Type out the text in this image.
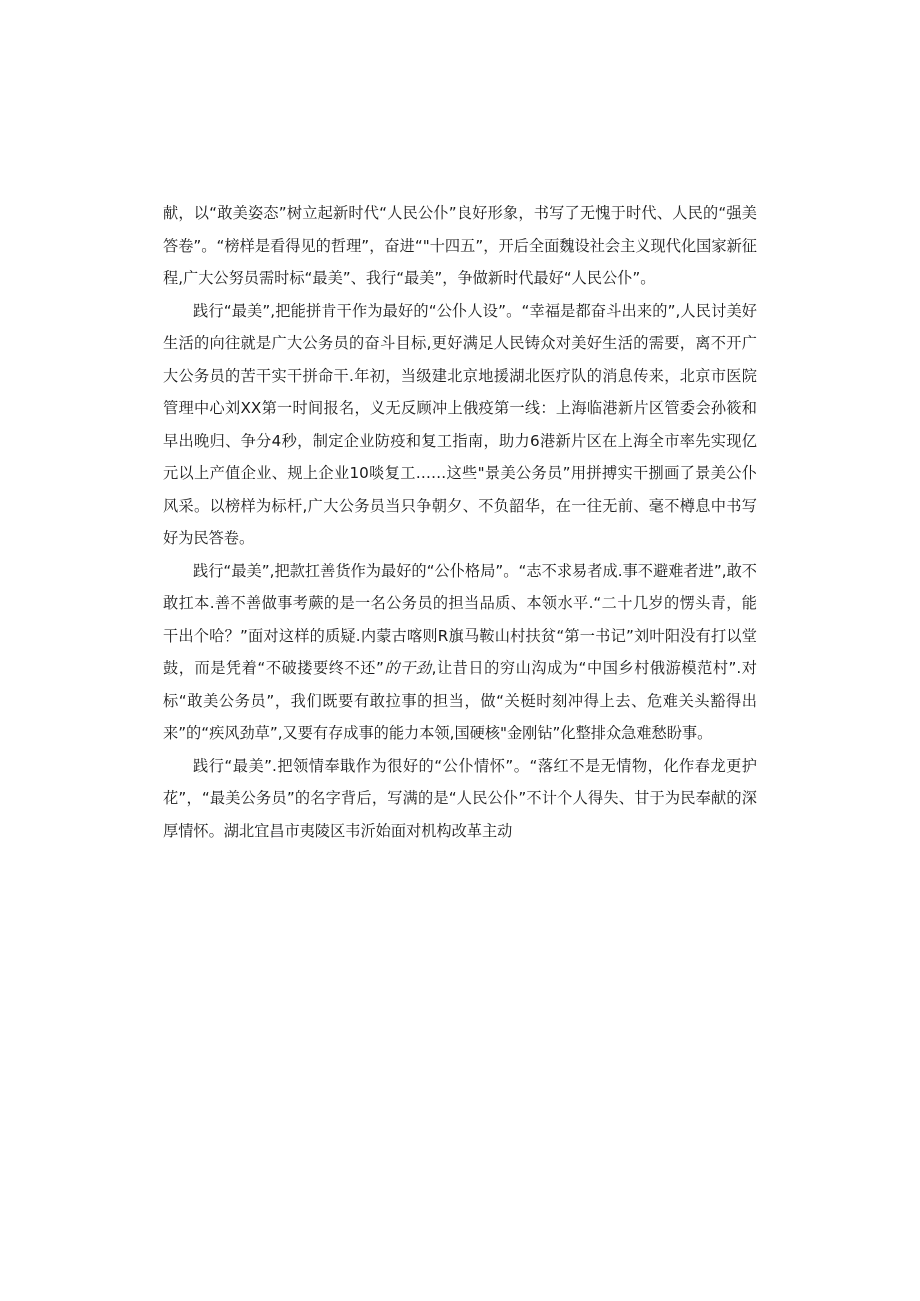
献，以“敢美姿态”树立起新时代“人民公仆”良好形象，书写了无愧于时代、人民的“强美答卷”。“榜样是看得见的哲理”，奋进“"十四五”，开后全面魏设社会主义现代化国家新征程,广大公努员需时标“最美”、我行“最美”，争做新时代最好“人民公仆”。

践行“最美”,把能拼肯干作为最好的“公仆人设”。“幸福是都奋斗出来的”,人民讨美好生活的向往就是广大公务员的奋斗目标,更好满足人民铸众对美好生活的需要，离不开广大公务员的苦干实干拼命干.年初，当级建北京地援湖北医疗队的消息传来，北京市医院管理中心刘XX第一时间报名，义无反顾冲上俄疫第一线：上海临港新片区管委会孙筱和早出晚归、争分4秒，制定企业防疫和复工指南，助力6港新片区在上海全市率先实现亿元以上产值企业、规上企业10啖复工……这些"景美公务员”用拼搏实干捌画了景美公仆风采。以榜样为标杆,广大公务员当只争朝夕、不负韶华，在一往无前、毫不樽息中书写好为民答卷。

践行“最美”,把款扛善货作为最好的“公仆格局”。“志不求易者成.事不避难者进”,敢不敢扛本.善不善做事考蕨的是一名公务员的担当品质、本领水平.“二十几岁的愣头青，能干出个哈？”面对这样的质疑.内蒙古喀则R旗马鞍山村扶贫“第一书记”刘叶阳没有打以堂鼓，而是凭着“不破搂要终不还”的干劲,让昔日的穷山沟成为“中国乡村俄游模范村”.对标“敢美公务员”，我们既要有敢拉事的担当，做“关梃时刻冲得上去、危难关头豁得出来”的“疾风劲草”,又要有存成事的能力本领,国硬核"金刚钻”化整排众急难愁盼事。

践行“最美”.把领情奉戢作为很好的“公仆情怀”。“落红不是无情物，化作春龙更护花”，“最美公务员”的名字背后，写满的是“人民公仆”不计个人得失、甘于为民奉献的深厚情怀。湖北宜昌市夷陵区韦沂始面对机构改革主动
